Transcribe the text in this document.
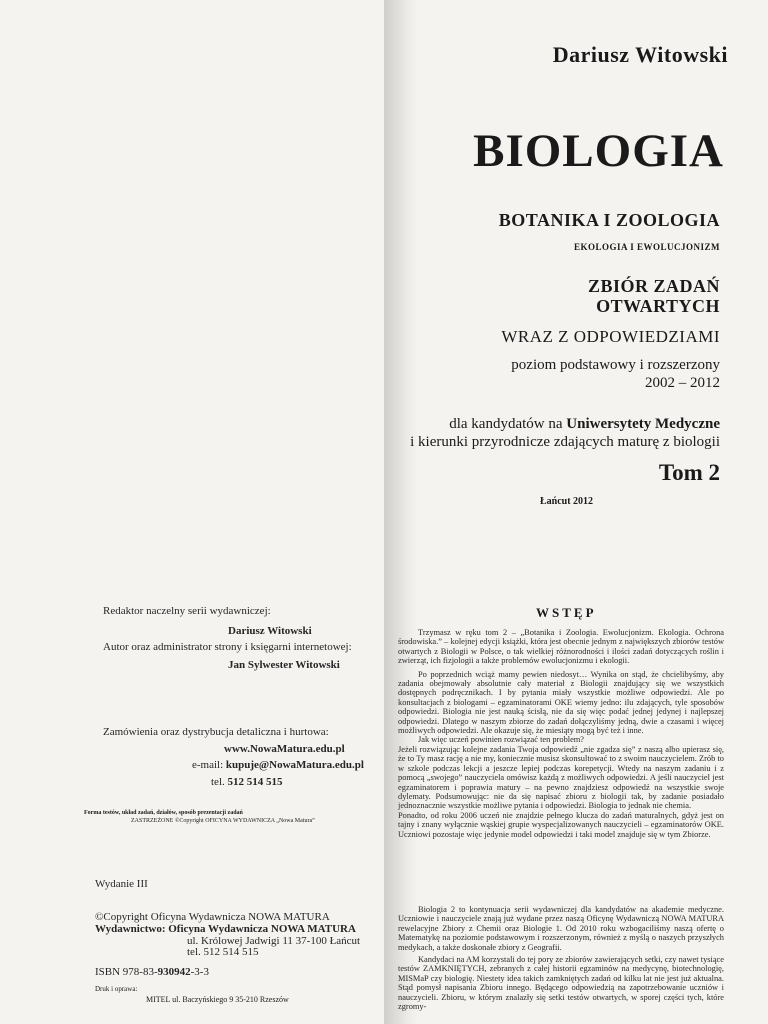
Dariusz Witowski
BIOLOGIA
BOTANIKA I ZOOLOGIA
EKOLOGIA I EWOLUCJONIZM
ZBIÓR ZADAŃ
OTWARTYCH
WRAZ Z ODPOWIEDZIAMI
poziom podstawowy i rozszerzony
2002 – 2012
dla kandydatów na Uniwersytety Medyczne
i kierunki przyrodnicze zdających maturę z biologii
Tom 2
Łańcut 2012
Redaktor naczelny serii wydawniczej:
Dariusz Witowski
Autor oraz administrator strony i księgarni internetowej:
Jan Sylwester Witowski
Zamówienia oraz dystrybucja detaliczna i hurtowa:
www.NowaMatura.edu.pl
e-mail: kupuje@NowaMatura.edu.pl
tel. 512 514 515
Forma testów, układ zadań, działów, sposób prezentacji zadań
ZASTRZEŻONE ©Copyright OFICYNA WYDAWNICZA „Nowa Matura”
Wydanie III
©Copyright Oficyna Wydawnicza NOWA MATURA
Wydawnictwo: Oficyna Wydawnicza NOWA MATURA
ul. Królowej Jadwigi 11 37-100 Łańcut
tel. 512 514 515
ISBN 978-83-930942-3-3
Druk i oprawa:
MITEL ul. Baczyńskiego 9 35-210 Rzeszów
WSTĘP

Trzymasz w ręku tom 2 – „Botanika i Zoologia. Ewolucjonizm. Ekologia. Ochrona środowiska.” – kolejnej edycji książki, która jest obecnie jednym z największych zbiorów testów otwartych z Biologii w Polsce, o tak wielkiej różnorodności i ilości zadań dotyczących roślin i zwierząt, ich fizjologii a także problemów ewolucjonizmu i ekologii.

Po poprzednich wciąż mamy pewien niedosyt… Wynika on stąd, że chcielibyśmy, aby zadania obejmowały absolutnie cały materiał z Biologii znajdujący się we wszystkich dostępnych podręcznikach. I by pytania miały wszystkie możliwe odpowiedzi. Ale po konsultacjach z biologami – egzaminatorami OKE wiemy jedno: ilu zdających, tyle sposobów odpowiedzi. Biologia nie jest nauką ścisłą, nie da się więc podać jednej jedynej i najlepszej odpowiedzi. Dlatego w naszym zbiorze do zadań dołączyliśmy jedną, dwie a czasami i więcej możliwych odpowiedzi. Ale okazuje się, że miesiąty mogą być też i inne.

Jak więc uczeń powinien rozwiązać ten problem?

Jeżeli rozwiązując kolejne zadania Twoja odpowiedź „nie zgadza się” z naszą albo upierasz się, że to Ty masz rację a nie my, koniecznie musisz skonsultować to z swoim nauczycielem. Zrób to w szkole podczas lekcji a jeszcze lepiej podczas korepetycji. Wtedy na naszym zadaniu i z pomocą „swojego” nauczyciela omówisz każdą z możliwych odpowiedzi. A jeśli nauczyciel jest egzaminatorem i poprawia matury – na pewno znajdziesz odpowiedź na wszystkie swoje dylematy. Podsumowując: nie da się napisać zbioru z biologii tak, by zadanie posiadało jednoznacznie wszystkie możliwe pytania i odpowiedzi. Biologia to jednak nie chemia.

Ponadto, od roku 2006 uczeń nie znajdzie pełnego klucza do zadań maturalnych, gdyż jest on tajny i znany wyłącznie wąskiej grupie wyspecjalizowanych nauczycieli – egzaminatorów OKE. Uczniowi pozostaje więc jedynie model odpowiedzi i taki model znajduje się w tym Zbiorze.

Biologia 2 to kontynuacja serii wydawniczej dla kandydatów na akademie medyczne. Uczniowie i nauczyciele znają już wydane przez naszą Oficynę Wydawniczą NOWA MATURA rewelacyjne Zbiory z Chemii oraz Biologie 1. Od 2010 roku wzbogaciliśmy naszą ofertę o Matematykę na poziomie podstawowym i rozszerzonym, również z myślą o naszych przyszłych medykach, a także doskonałe zbiory z Geografii.

Kandydaci na AM korzystali do tej pory ze zbiorów zawierających setki, czy nawet tysiące testów ZAMKNIĘTYCH, zebranych z całej historii egzaminów na medycynę, biotechnologię, MISMaP czy biologię. Niestety idea takich zamkniętych zadań od kilku lat nie jest już aktualna. Stąd pomysł napisania Zbioru innego. Będącego odpowiedzią na zapotrzebowanie uczniów i nauczycieli. Zbioru, w którym znalazły się setki testów otwartych, w sporej części tych, które zgromy-
